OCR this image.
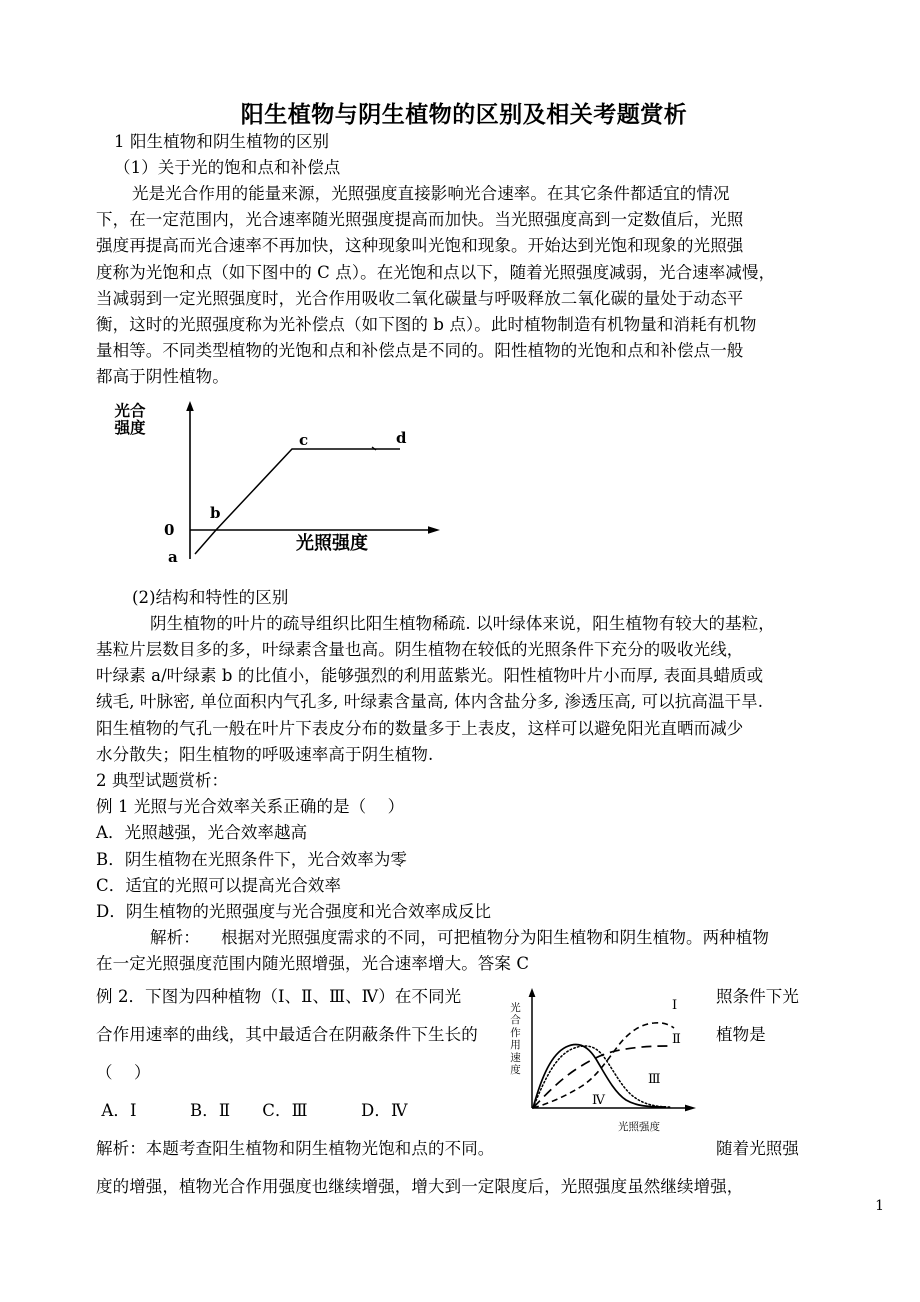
阳生植物与阴生植物的区别及相关考题赏析

1 阳生植物和阴生植物的区别

（1）关于光的饱和点和补偿点

光是光合作用的能量来源，光照强度直接影响光合速率。在其它条件都适宜的情况

下，在一定范围内，光合速率随光照强度提高而加快。当光照强度高到一定数值后，光照

强度再提高而光合速率不再加快，这种现象叫光饱和现象。开始达到光饱和现象的光照强

度称为光饱和点（如下图中的 C 点）。在光饱和点以下，随着光照强度减弱，光合速率减慢，

当减弱到一定光照强度时，光合作用吸收二氧化碳量与呼吸释放二氧化碳的量处于动态平

衡，这时的光照强度称为光补偿点（如下图的 b 点）。此时植物制造有机物量和消耗有机物

量相等。不同类型植物的光饱和点和补偿点是不同的。阳性植物的光饱和点和补偿点一般

都高于阴性植物。

光合
强度
光照强度
0
a
b
c	d

(2)结构和特性的区别

阴生植物的叶片的疏导组织比阳生植物稀疏. 以叶绿体来说，阳生植物有较大的基粒，

基粒片层数目多的多，叶绿素含量也高。阴生植物在较低的光照条件下充分的吸收光线，

叶绿素 a/叶绿素 b 的比值小，能够强烈的利用蓝紫光。阳性植物叶片小而厚, 表面具蜡质或

绒毛, 叶脉密, 单位面积内气孔多, 叶绿素含量高, 体内含盐分多, 渗透压高, 可以抗高温干旱.

阳生植物的气孔一般在叶片下表皮分布的数量多于上表皮，这样可以避免阳光直晒而减少

水分散失；阳生植物的呼吸速率高于阴生植物.

2 典型试题赏析：

例 1 光照与光合效率关系正确的是（    ）

A．光照越强，光合效率越高

B．阴生植物在光照条件下，光合效率为零

C．适宜的光照可以提高光合效率

D．阴生植物的光照强度与光合强度和光合效率成反比

解析：    根据对光照强度需求的不同，可把植物分为阳生植物和阴生植物。两种植物

在一定光照强度范围内随光照增强，光合速率增大。答案 C

例 2．下图为四种植物（Ⅰ、Ⅱ、Ⅲ、Ⅳ）在不同光

合作用速率的曲线，其中最适合在阴蔽条件下生长的

（    ）

照条件下光

植物是

光合作用速度
光照强度
Ⅰ
Ⅱ
Ⅲ
Ⅳ

A．Ⅰ          B．Ⅱ      C．Ⅲ          D．Ⅳ

解析：本题考查阳生植物和阴生植物光饱和点的不同。	随着光照强

度的增强，植物光合作用强度也继续增强，增大到一定限度后，光照强度虽然继续增强，

1
